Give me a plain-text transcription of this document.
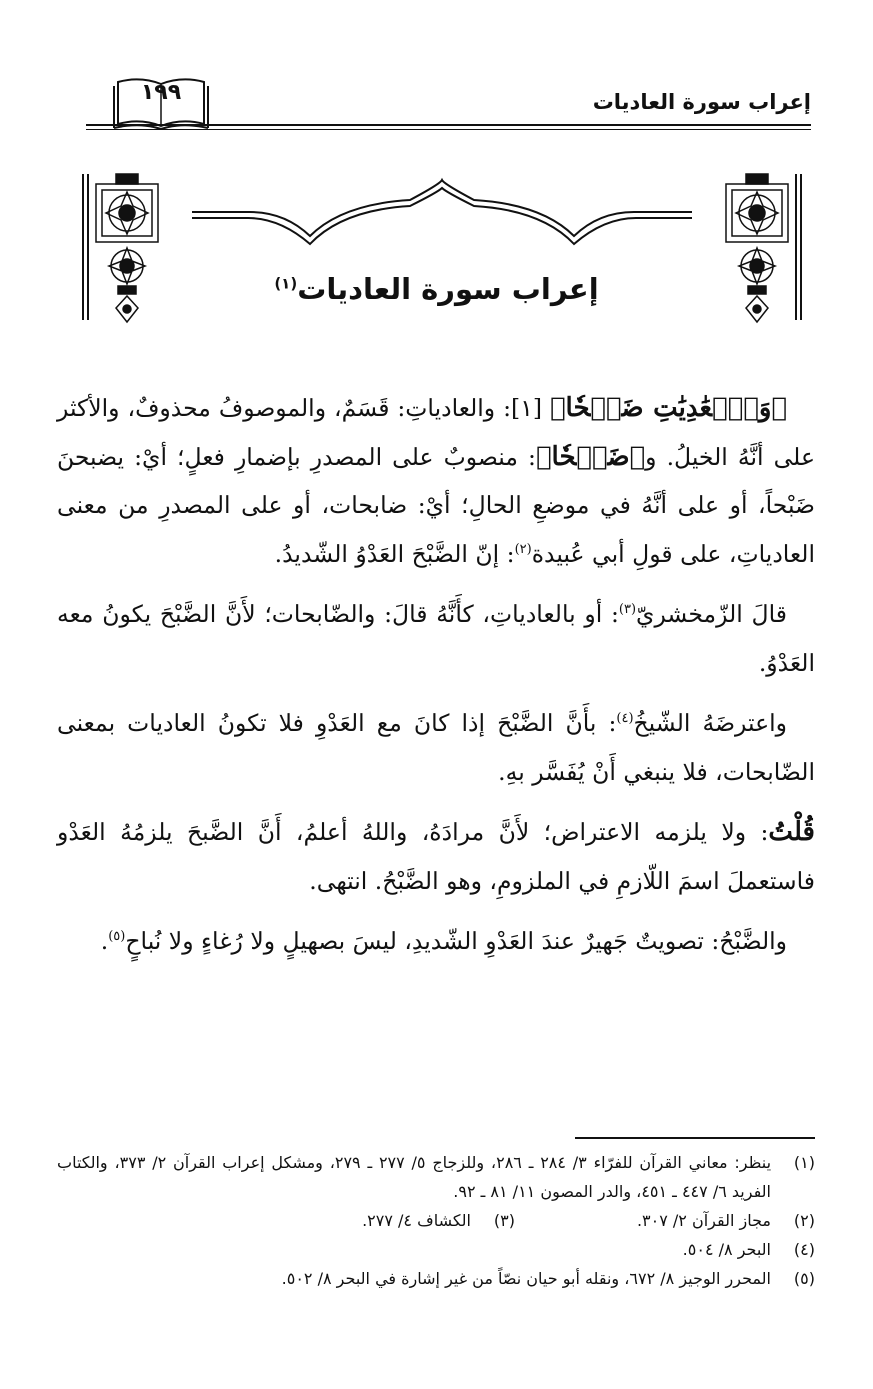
إعراب سورة العاديات
١٩٩
إعراب سورة العاديات$^{(١)}$

﴿وَٱلۡعَٰدِيَٰتِ ضَبۡحٗا﴾ [١]: والعادياتِ: قَسَمٌ، والموصوفُ محذوفٌ، والأكثر على أنَّهُ الخيلُ. و﴿ضَبۡحٗا﴾: منصوبٌ على المصدرِ بإضمارِ فعلٍ؛ أيْ: يضبحنَ ضَبْحاً، أو على أنَّهُ في موضعِ الحالِ؛ أيْ: ضابحات، أو على المصدرِ من معنى العادياتِ، على قولِ أبي عُبيدة$^{(٢)}$: إنّ الضَّبْحَ العَدْوُ الشّديدُ.

قالَ الزّمخشريّ$^{(٣)}$: أو بالعادياتِ، كأَنَّهُ قالَ: والضّابحات؛ لأَنَّ الضَّبْحَ يكونُ معه العَدْوُ.

واعترضَهُ الشّيخُ$^{(٤)}$: بأَنَّ الضَّبْحَ إذا كانَ مع العَدْوِ فلا تكونُ العاديات بمعنى الضّابحات، فلا ينبغي أَنْ يُفَسَّر بهِ.

قُلْتُ: ولا يلزمه الاعتراض؛ لأَنَّ مرادَهُ، واللهُ أعلمُ، أَنَّ الضَّبحَ يلزمُهُ العَدْو فاستعملَ اسمَ اللّازمِ في الملزومِ، وهو الضَّبْحُ. انتهى.

والضَّبْحُ: تصويتٌ جَهيرٌ عندَ العَدْوِ الشّديدِ، ليسَ بصهيلٍ ولا رُغاءٍ ولا نُباحٍ$^{(٥)}$.

(١)
ينظر: معاني القرآن للفرّاء ٣/ ٢٨٤ ـ ٢٨٦، وللزجاج ٥/ ٢٧٧ ـ ٢٧٩، ومشكل إعراب القرآن ٢/ ٣٧٣، والكتاب الفريد ٦/ ٤٤٧ ـ ٤٥١، والدر المصون ١١/ ٨١ ـ ٩٢.
(٢)
مجاز القرآن ٢/ ٣٠٧.
(٣)
الكشاف ٤/ ٢٧٧.
(٤)
البحر ٨/ ٥٠٤.
(٥)
المحرر الوجيز ٨/ ٦٧٢، ونقله أبو حيان نصّاً من غير إشارة في البحر ٨/ ٥٠٢.
